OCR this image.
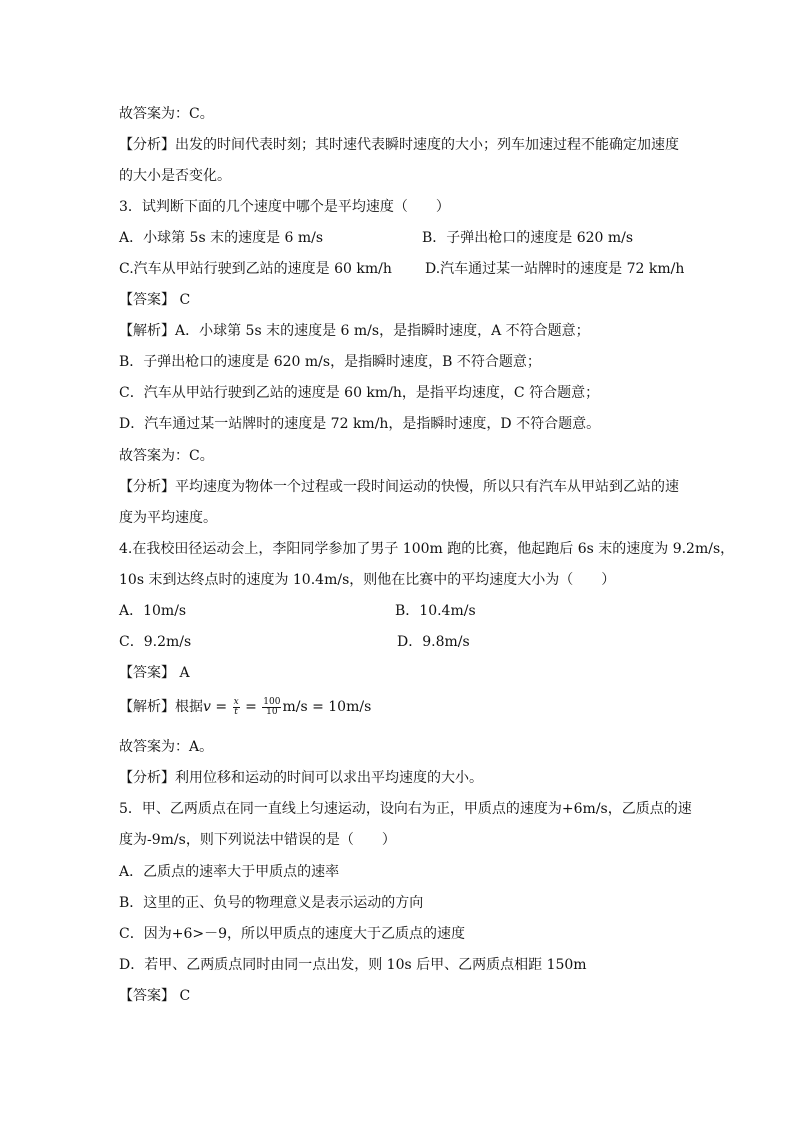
故答案为：C。
【分析】出发的时间代表时刻；其时速代表瞬时速度的大小；列车加速过程不能确定加速度
的大小是否变化。
3．试判断下面的几个速度中哪个是平均速度（　　）
A．小球第 5s 末的速度是 6 m/s	B．子弹出枪口的速度是 620 m/s
C.汽车从甲站行驶到乙站的速度是 60 km/h D.汽车通过某一站牌时的速度是 72 km/h
【答案】 C
【解析】A．小球第 5s 末的速度是 6 m/s，是指瞬时速度，A 不符合题意；
B．子弹出枪口的速度是 620 m/s，是指瞬时速度，B 不符合题意；
C．汽车从甲站行驶到乙站的速度是 60 km/h，是指平均速度，C 符合题意；
D．汽车通过某一站牌时的速度是 72 km/h，是指瞬时速度，D 不符合题意。
故答案为：C。
【分析】平均速度为物体一个过程或一段时间运动的快慢，所以只有汽车从甲站到乙站的速
度为平均速度。
4.在我校田径运动会上，李阳同学参加了男子 100m 跑的比赛，他起跑后 6s 末的速度为 9.2m/s，
10s 末到达终点时的速度为 10.4m/s，则他在比赛中的平均速度大小为（　　）
A．10m/s	B．10.4m/s
C．9.2m/s	D．9.8m/s
【答案】 A
【解析】根据$v = \frac{x}{t} = \frac{100}{10} m/s = 10m/s$
故答案为：A。
【分析】利用位移和运动的时间可以求出平均速度的大小。
5．甲、乙两质点在同一直线上匀速运动，设向右为正，甲质点的速度为+6m/s，乙质点的速
度为-9m/s，则下列说法中错误的是（　　）
A．乙质点的速率大于甲质点的速率
B．这里的正、负号的物理意义是表示运动的方向
C．因为+6>－9，所以甲质点的速度大于乙质点的速度
D．若甲、乙两质点同时由同一点出发，则 10s 后甲、乙两质点相距 150m
【答案】 C
